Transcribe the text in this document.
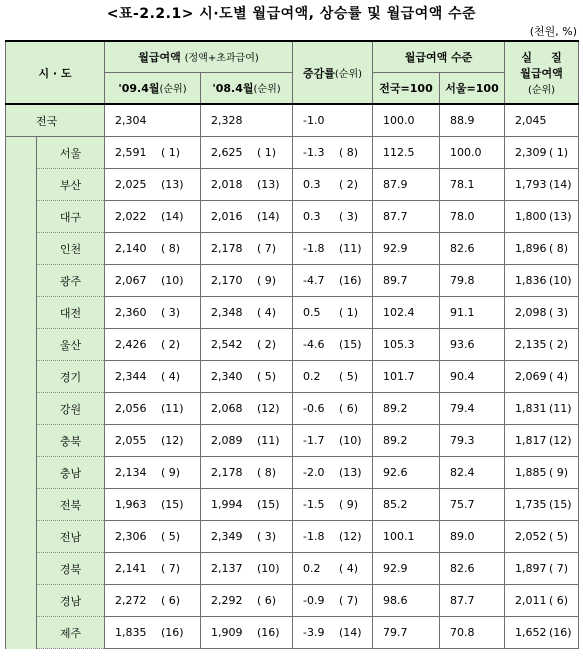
<표-2.2.1> 시·도별 월급여액, 상승률 및 월급여액 수준
(천원, %)
시 · 도		월급여액 (정액+초과급여)		증감률(순위)	월급여액 수준		실     질
월급여액
(순위)

		'09.4월(순위)	'08.4월(순위)		전국=100	서울=100	
전국		2,304	2,328	-1.0	100.0	88.9	2,045
	서울	2,591 ( 1)	2,625 ( 1)	-1.3 ( 8)	112.5	100.0	2,309 ( 1)
	부산	2,025 (13)	2,018 (13)	0.3 ( 2)	87.9	78.1	1,793 (14)
	대구	2,022 (14)	2,016 (14)	0.3 ( 3)	87.7	78.0	1,800 (13)
	인천	2,140 ( 8)	2,178 ( 7)	-1.8 (11)	92.9	82.6	1,896 ( 8)
	광주	2,067 (10)	2,170 ( 9)	-4.7 (16)	89.7	79.8	1,836 (10)
	대전	2,360 ( 3)	2,348 ( 4)	0.5 ( 1)	102.4	91.1	2,098 ( 3)
	울산	2,426 ( 2)	2,542 ( 2)	-4.6 (15)	105.3	93.6	2,135 ( 2)
	경기	2,344 ( 4)	2,340 ( 5)	0.2 ( 5)	101.7	90.4	2,069 ( 4)
	강원	2,056 (11)	2,068 (12)	-0.6 ( 6)	89.2	79.4	1,831 (11)
	충북	2,055 (12)	2,089 (11)	-1.7 (10)	89.2	79.3	1,817 (12)
	충남	2,134 ( 9)	2,178 ( 8)	-2.0 (13)	92.6	82.4	1,885 ( 9)
	전북	1,963 (15)	1,994 (15)	-1.5 ( 9)	85.2	75.7	1,735 (15)
	전남	2,306 ( 5)	2,349 ( 3)	-1.8 (12)	100.1	89.0	2,052 ( 5)
	경북	2,141 ( 7)	2,137 (10)	0.2 ( 4)	92.9	82.6	1,897 ( 7)
	경남	2,272 ( 6)	2,292 ( 6)	-0.9 ( 7)	98.6	87.7	2,011 ( 6)
	제주	1,835 (16)	1,909 (16)	-3.9 (14)	79.7	70.8	1,652 (16)
